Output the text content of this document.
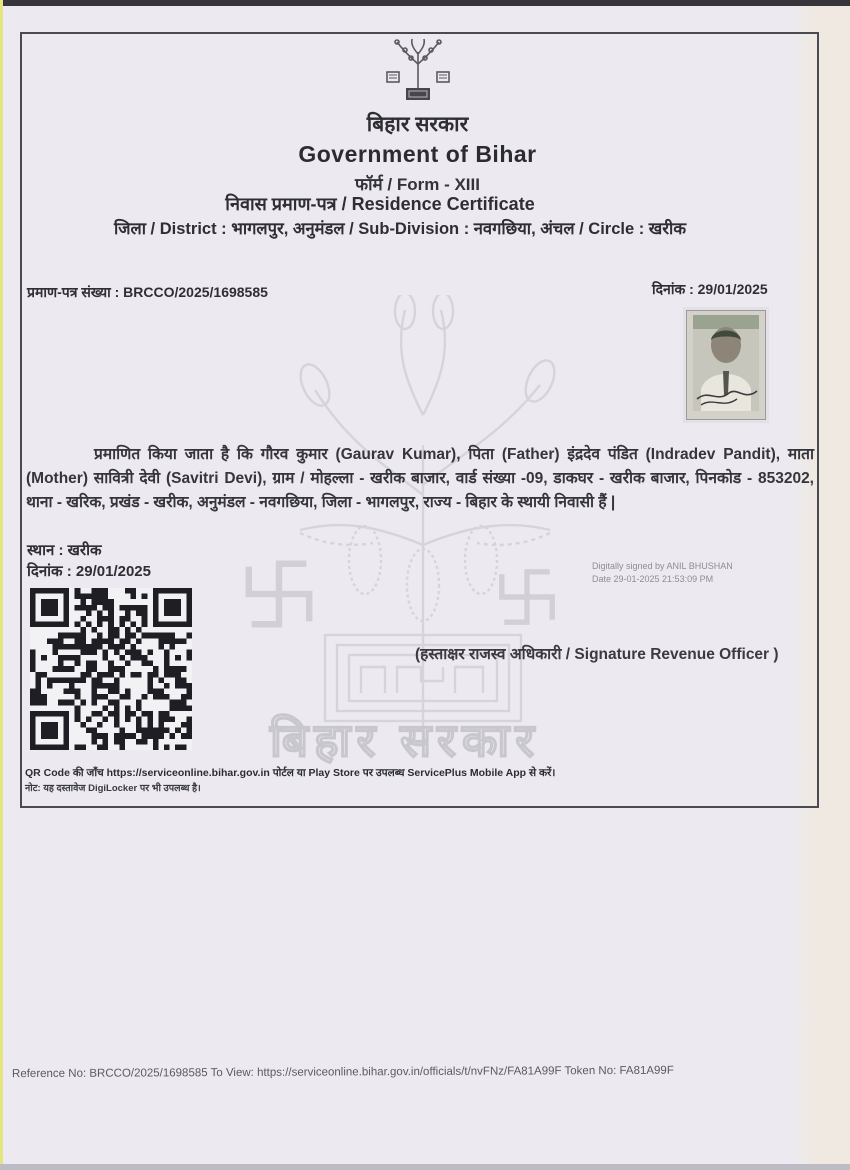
बिहार सरकार
बिहार सरकार
Government of Bihar
फॉर्म / Form - XIII
निवास प्रमाण-पत्र / Residence Certificate
जिला / District : भागलपुर, अनुमंडल / Sub-Division : नवगछिया, अंचल / Circle : खरीक
प्रमाण-पत्र संख्या : BRCCO/2025/1698585	दिनांक : 29/01/2025
प्रमाणित किया जाता है कि गौरव कुमार (Gaurav Kumar), पिता (Father) इंद्रदेव पंडित (Indradev Pandit), माता (Mother) सावित्री देवी (Savitri Devi), ग्राम / मोहल्ला - खरीक बाजार, वार्ड संख्या -09, डाकघर - खरीक बाजार, पिनकोड - 853202, थाना - खरिक, प्रखंड - खरीक, अनुमंडल - नवगछिया, जिला - भागलपुर, राज्य - बिहार के स्थायी निवासी हैं |
स्थान : खरीक
दिनांक : 29/01/2025	Digitally signed by ANIL BHUSHAN
Date 29-01-2025 21:53:09 PM
(हस्ताक्षर राजस्व अधिकारी / Signature Revenue Officer )
QR Code की जाँच https://serviceonline.bihar.gov.in पोर्टल या Play Store पर उपलब्ध ServicePlus Mobile App से करें।
नोट: यह दस्तावेज DigiLocker पर भी उपलब्ध है।
Reference No: BRCCO/2025/1698585 To View: https://serviceonline.bihar.gov.in/officials/t/nvFNz/FA81A99F Token No: FA81A99F
